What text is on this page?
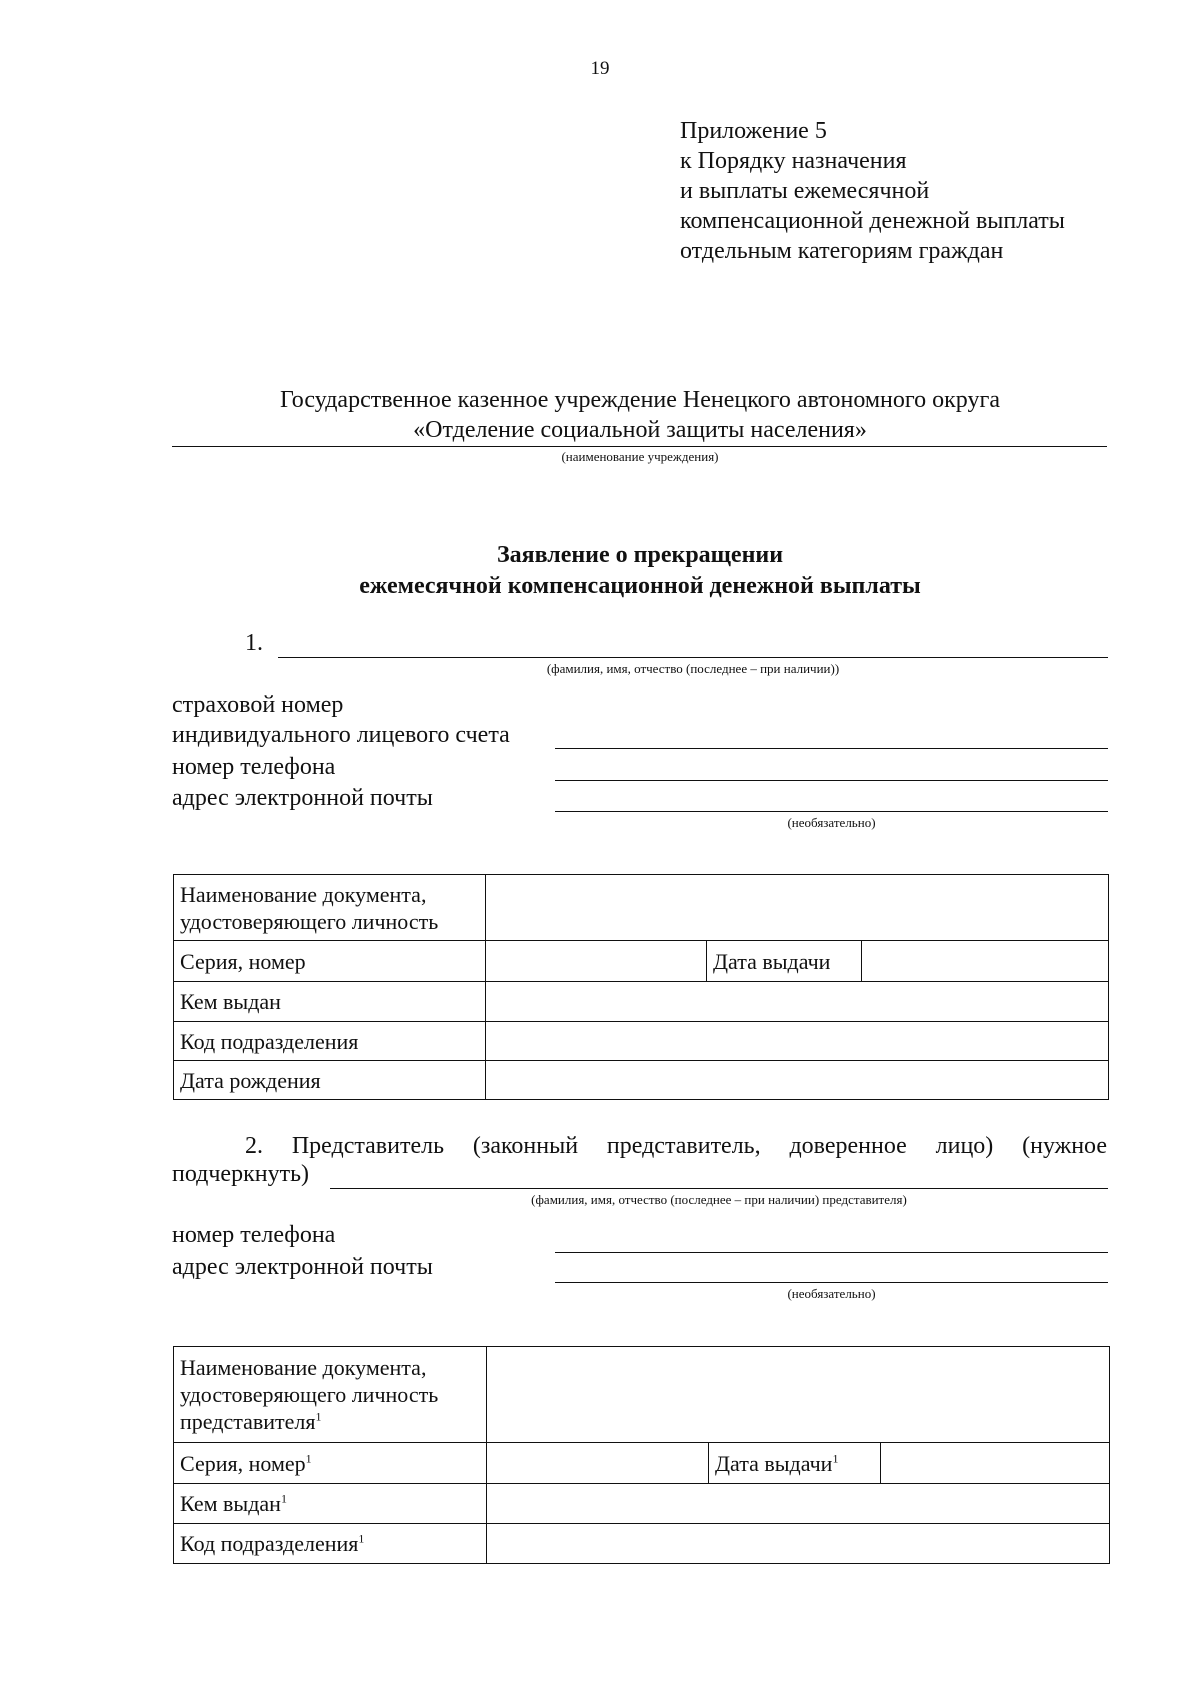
19
Приложение 5
к Порядку назначения
и выплаты ежемесячной
компенсационной денежной выплаты
отдельным категориям граждан
Государственное казенное учреждение Ненецкого автономного округа
«Отделение социальной защиты населения»
(наименование учреждения)
Заявление о прекращении
ежемесячной компенсационной денежной выплаты
1.
(фамилия, имя, отчество (последнее – при наличии))
страховой номер
индивидуального лицевого счета
номер телефона
адрес электронной почты
(необязательно)
Наименование документа, удостоверяющего личность			
Серия, номер		Дата выдачи	
Кем выдан			
Код подразделения			
Дата рождения			
2. Представитель (законный представитель, доверенное лицо) (нужное
подчеркнуть)
(фамилия, имя, отчество (последнее – при наличии) представителя)
номер телефона
адрес электронной почты
(необязательно)
Наименование документа, удостоверяющего личность представителя$^1$	
Серия, номер$^1$		Дата выдачи$^1$	
Кем выдан$^1$	
Код подразделения$^1$	
